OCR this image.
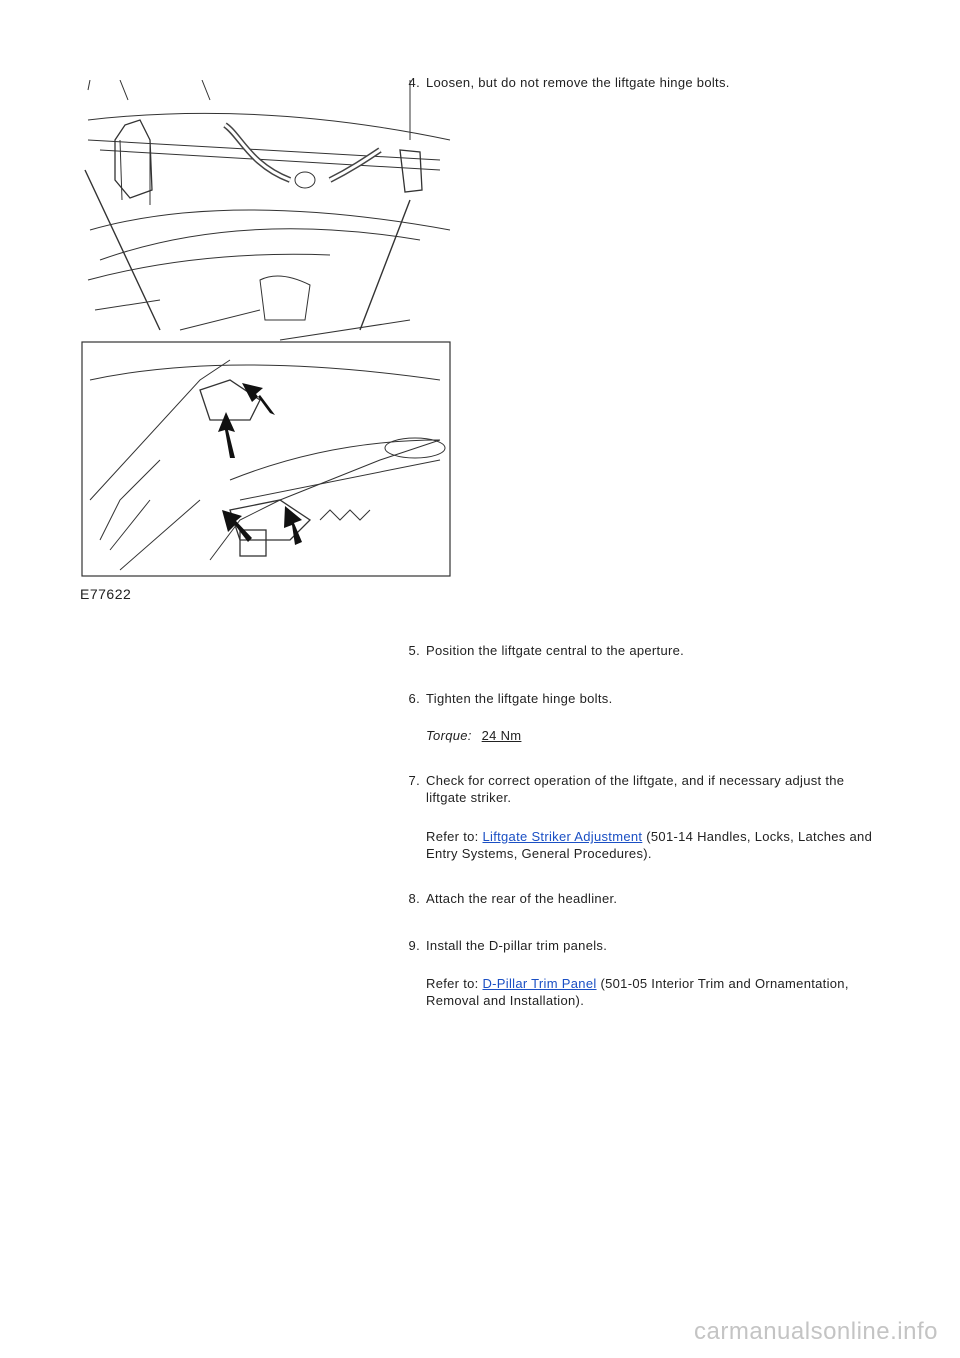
E77622
4. Loosen, but do not remove the liftgate hinge bolts.
5. Position the liftgate central to the aperture.
6. Tighten the liftgate hinge bolts.
Torque: 24 Nm
7. Check for correct operation of the liftgate, and if necessary adjust the liftgate striker.
Refer to: Liftgate Striker Adjustment (501-14 Handles, Locks, Latches and Entry Systems, General Procedures).
8. Attach the rear of the headliner.
9. Install the D-pillar trim panels.
Refer to: D-Pillar Trim Panel (501-05 Interior Trim and Ornamentation, Removal and Installation).
carmanualsonline.info
